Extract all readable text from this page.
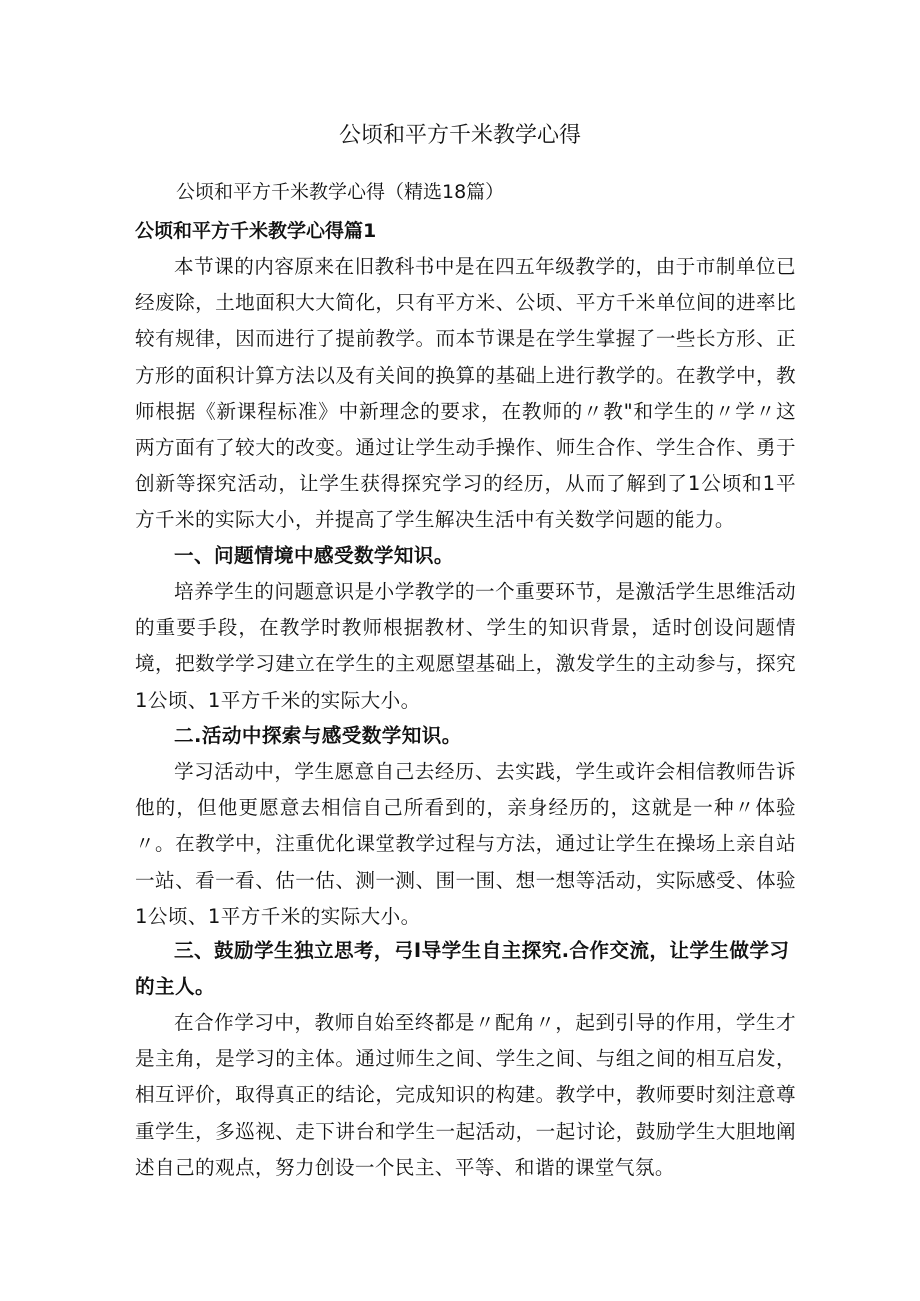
公顷和平方千米教学心得

公顷和平方千米教学心得（精选18篇）

公顷和平方千米教学心得篇1

本节课的内容原来在旧教科书中是在四五年级教学的，由于市制单位已经废除，土地面积大大简化，只有平方米、公顷、平方千米单位间的进率比较有规律，因而进行了提前教学。而本节课是在学生掌握了一些长方形、正方形的面积计算方法以及有关间的换算的基础上进行教学的。在教学中，教师根据《新课程标准》中新理念的要求，在教师的〃教"和学生的〃学〃这两方面有了较大的改变。通过让学生动手操作、师生合作、学生合作、勇于创新等探究活动，让学生获得探究学习的经历，从而了解到了1公顷和1平方千米的实际大小，并提高了学生解决生活中有关数学问题的能力。

一、问题情境中感受数学知识。

培养学生的问题意识是小学教学的一个重要环节，是激活学生思维活动的重要手段，在教学时教师根据教材、学生的知识背景，适时创设问题情境，把数学学习建立在学生的主观愿望基础上，激发学生的主动参与，探究1公顷、1平方千米的实际大小。

二.活动中探索与感受数学知识。

学习活动中，学生愿意自己去经历、去实践，学生或许会相信教师告诉他的，但他更愿意去相信自己所看到的，亲身经历的，这就是一种〃体验〃。在教学中，注重优化课堂教学过程与方法，通过让学生在操场上亲自站一站、看一看、估一估、测一测、围一围、想一想等活动，实际感受、体验1公顷、1平方千米的实际大小。

三、鼓励学生独立思考，弓I导学生自主探究.合作交流，让学生做学习的主人。

在合作学习中，教师自始至终都是〃配角〃，起到引导的作用，学生才是主角，是学习的主体。通过师生之间、学生之间、与组之间的相互启发，相互评价，取得真正的结论，完成知识的构建。教学中，教师要时刻注意尊重学生，多巡视、走下讲台和学生一起活动，一起讨论，鼓励学生大胆地阐述自己的观点，努力创设一个民主、平等、和谐的课堂气氛。
